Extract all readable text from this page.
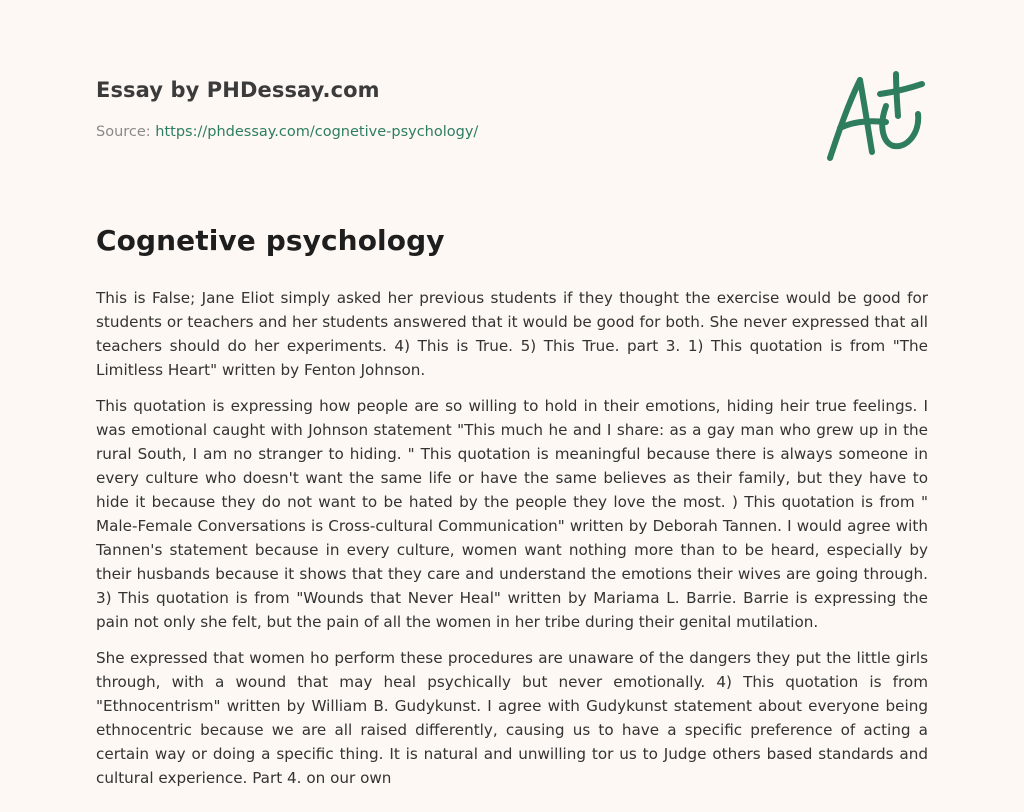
Essay by PHDessay.com
Source: https://phdessay.com/cognetive-psychology/
Cognetive psychology

This is False; Jane Eliot simply asked her previous students if they thought the exercise would be good for students or teachers and her students answered that it would be good for both. She never expressed that all teachers should do her experiments. 4) This is True. 5) This True. part 3. 1) This quotation is from "The Limitless Heart" written by Fenton Johnson.

This quotation is expressing how people are so willing to hold in their emotions, hiding heir true feelings. I was emotional caught with Johnson statement "This much he and I share: as a gay man who grew up in the rural South, I am no stranger to hiding. " This quotation is meaningful because there is always someone in every culture who doesn't want the same life or have the same believes as their family, but they have to hide it because they do not want to be hated by the people they love the most. ) This quotation is from " Male-Female Conversations is Cross-cultural Communication" written by Deborah Tannen. I would agree with Tannen's statement because in every culture, women want nothing more than to be heard, especially by their husbands because it shows that they care and understand the emotions their wives are going through. 3) This quotation is from "Wounds that Never Heal" written by Mariama L. Barrie. Barrie is expressing the pain not only she felt, but the pain of all the women in her tribe during their genital mutilation.

She expressed that women ho perform these procedures are unaware of the dangers they put the little girls through, with a wound that may heal psychically but never emotionally. 4) This quotation is from "Ethnocentrism" written by William B. Gudykunst. I agree with Gudykunst statement about everyone being ethnocentric because we are all raised differently, causing us to have a specific preference of acting a certain way or doing a specific thing. It is natural and unwilling tor us to Judge others based standards and cultural experience. Part 4. on our own
